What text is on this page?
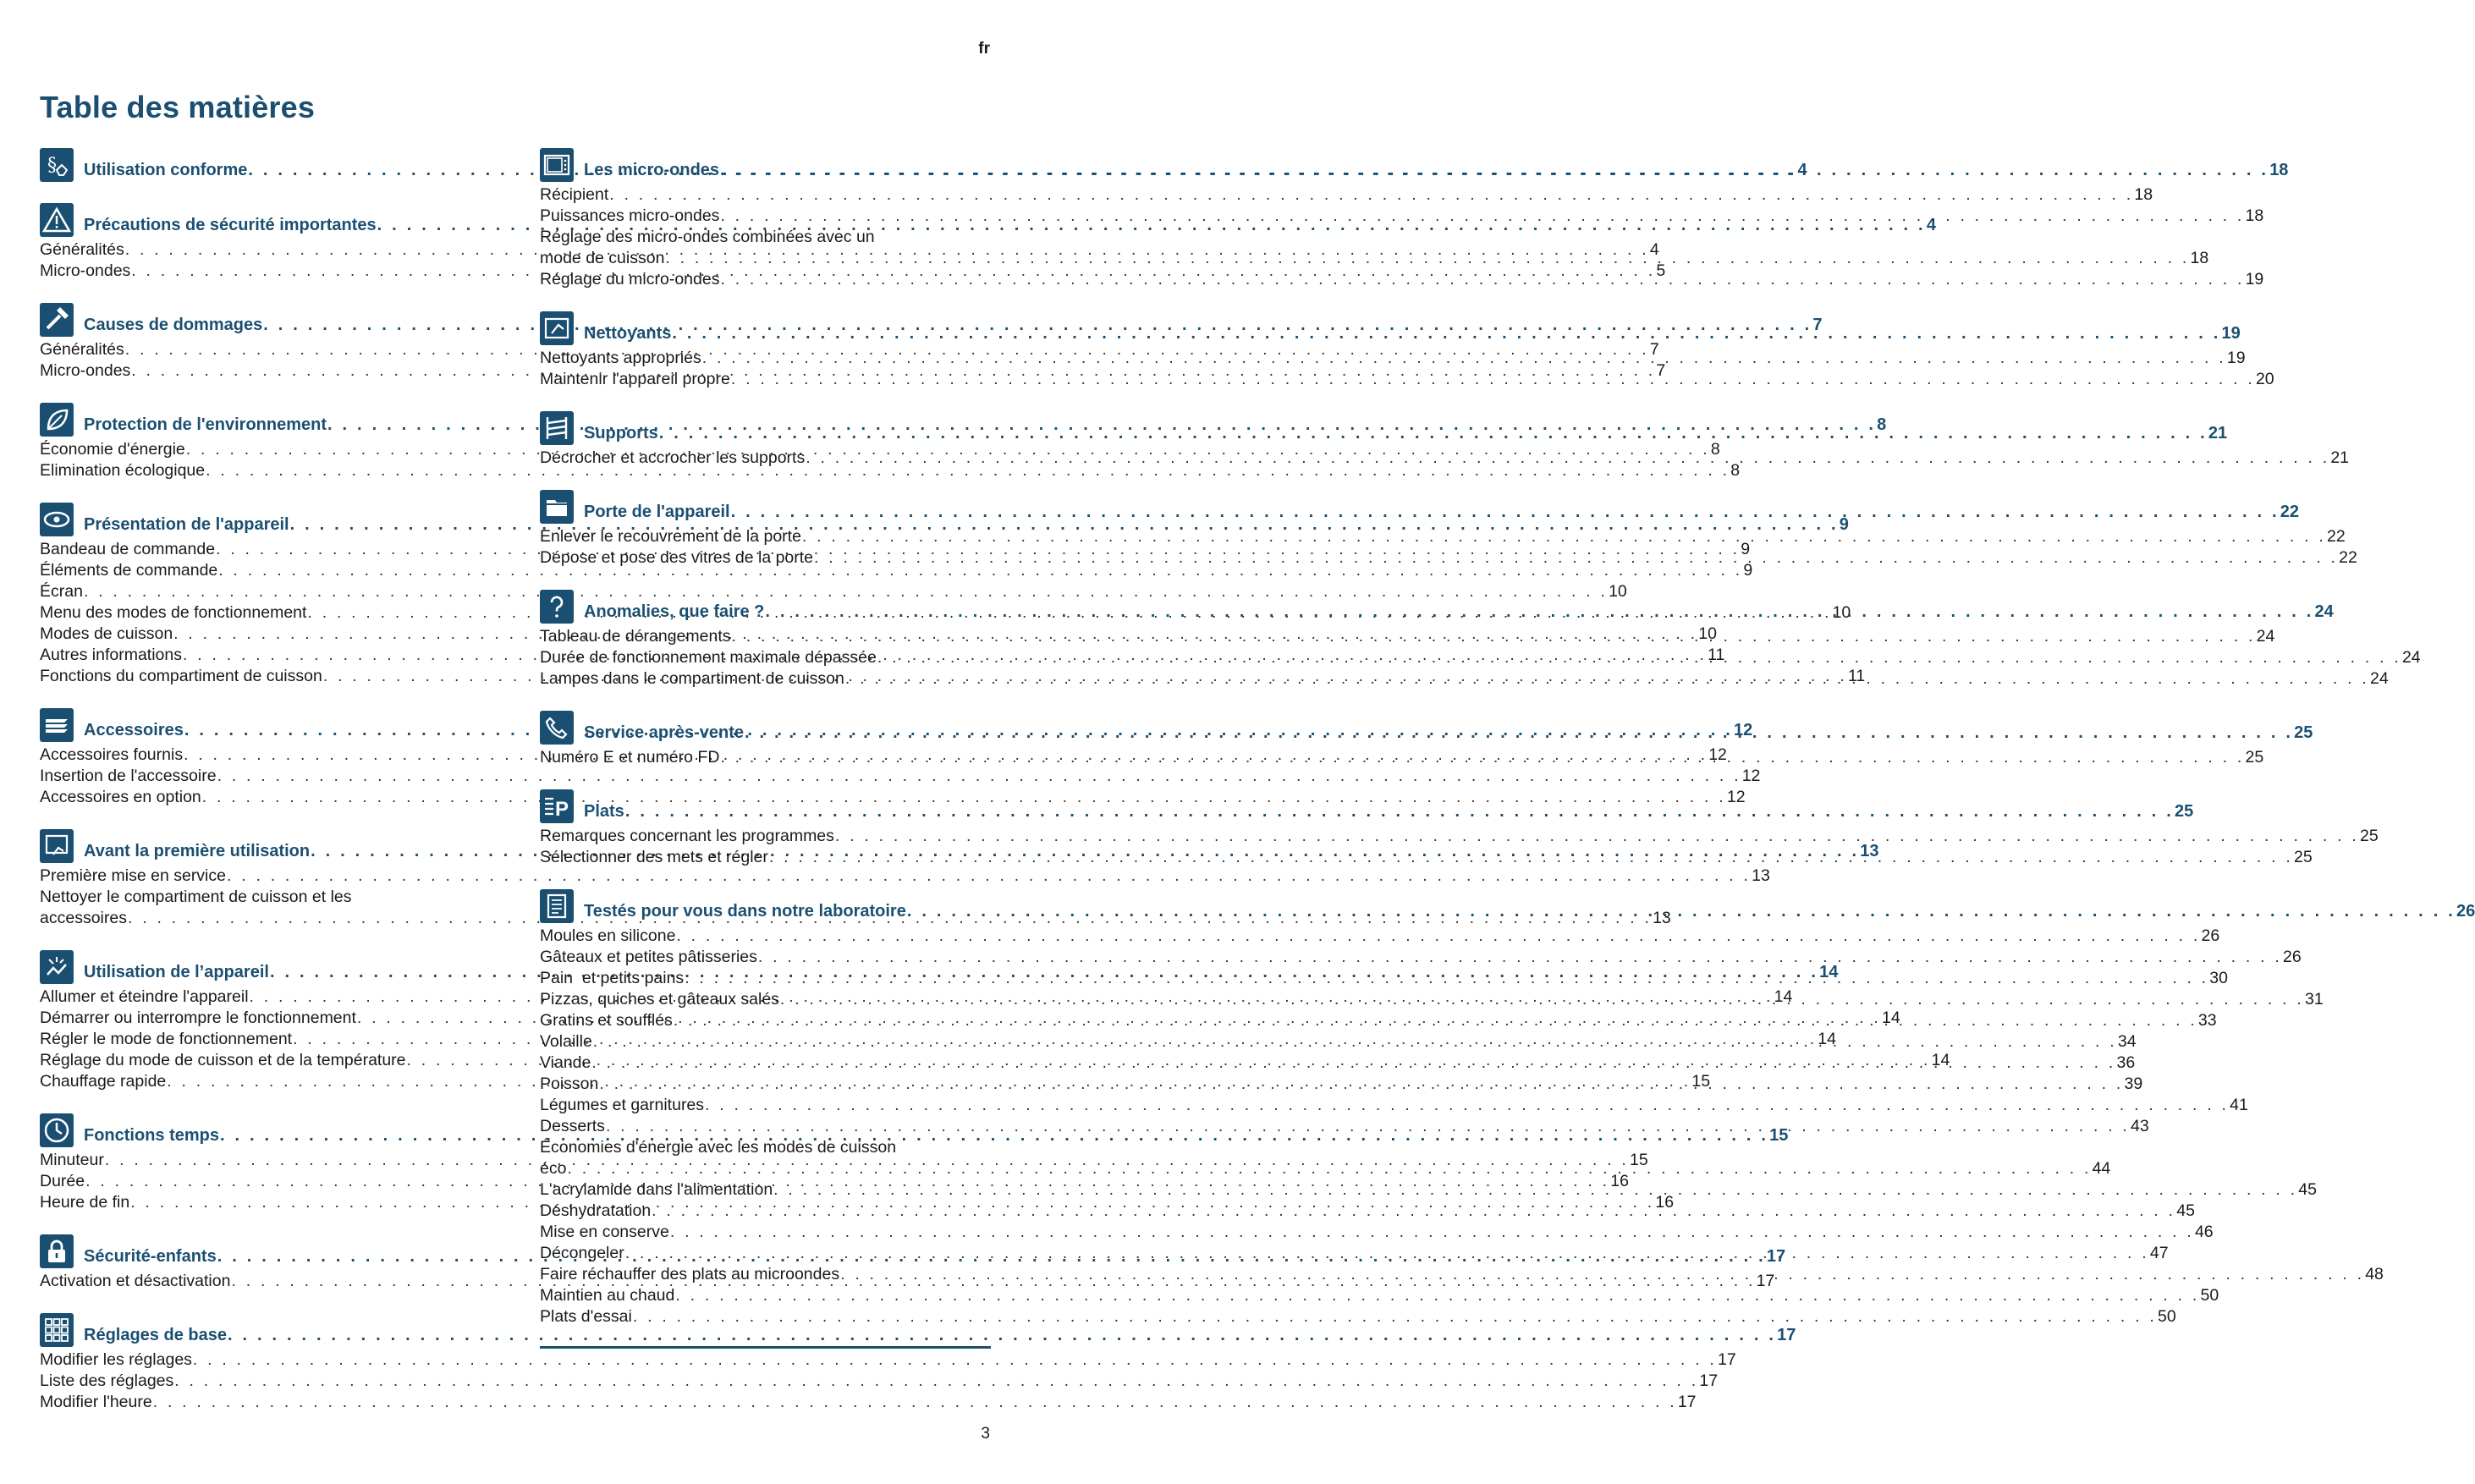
fr
Table des matières
§ Utilisation conforme . . .	4
Précautions de sécurité importantes . . .	4
Généralités . . .	4
Micro-ondes . . .	5
Causes de dommages . . .	7
Généralités . . .	7
Micro-ondes . . .	7
Protection de l'environnement . . .	8
Économie d'énergie . . .	8
Elimination écologique . . .	8
Présentation de l'appareil . . .	9
Bandeau de commande . . .	9
Éléments de commande . . .	9
Écran . . .	10
Menu des modes de fonctionnement . . .	10
Modes de cuisson . . .	10
Autres informations . . .	11
Fonctions du compartiment de cuisson . . .	11
Accessoires . . .	12
Accessoires fournis . . .	12
Insertion de l'accessoire . . .	12
Accessoires en option . . .	12
Avant la première utilisation . . .	13
Première mise en service . . .	13
Nettoyer le compartiment de cuisson et les
accessoires . . .	13
Utilisation de l’appareil . . .	14
Allumer et éteindre l'appareil . . .	14
Démarrer ou interrompre le fonctionnement . . .	14
Régler le mode de fonctionnement . . .	14
Réglage du mode de cuisson et de la température . . .	14
Chauffage rapide . . .	15
Fonctions temps . . .	15
Minuteur . . .	15
Durée . . .	16
Heure de fin . . .	16
Sécurité-enfants . . .	17
Activation et désactivation . . .	17
Réglages de base . . .	17
Modifier les réglages . . .	17
Liste des réglages . . .	17
Modifier l'heure . . .	17
Les micro-ondes . . .	18
Récipient . . .	18
Puissances micro-ondes . . .	18
Réglage des micro-ondes combinées avec un
mode de cuisson . . .	18
Réglage du micro-ondes . . .	19
Nettoyants . . .	19
Nettoyants appropriés . . .	19
Maintenir l'appareil propre . . .	20
Supports . . .	21
Décrocher et accrocher les supports . . .	21
Porte de l'appareil . . .	22
Enlever le recouvrement de la porte . . .	22
Dépose et pose des vitres de la porte . . .	22
Anomalies, que faire ? . . .	24
Tableau de dérangements . . .	24
Durée de fonctionnement maximale dépassée . . .	24
Lampes dans le compartiment de cuisson . . .	24
Service après-vente . . .	25
Numéro E et numéro FD . . .	25
P Plats . . .	25
Remarques concernant les programmes . . .	25
Sélectionner des mets et régler . . .	25
Testés pour vous dans notre laboratoire . . .	26
Moules en silicone . . .	26
Gâteaux et petites pâtisseries . . .	26
Pain  et petits pains . . .	30
Pizzas, quiches et gâteaux salés . . .	31
Gratins et soufflés . . .	33
Volaille . . .	34
Viande . . .	36
Poisson . . .	39
Légumes et garnitures . . .	41
Desserts . . .	43
Économies d'énergie avec les modes de cuisson
éco . . .	44
L'acrylamide dans l'alimentation . . .	45
Déshydratation . . .	45
Mise en conserve . . .	46
Décongeler . . .	47
Faire réchauffer des plats au microondes . . .	48
Maintien au chaud . . .	50
Plats d'essai . . .	50
3
